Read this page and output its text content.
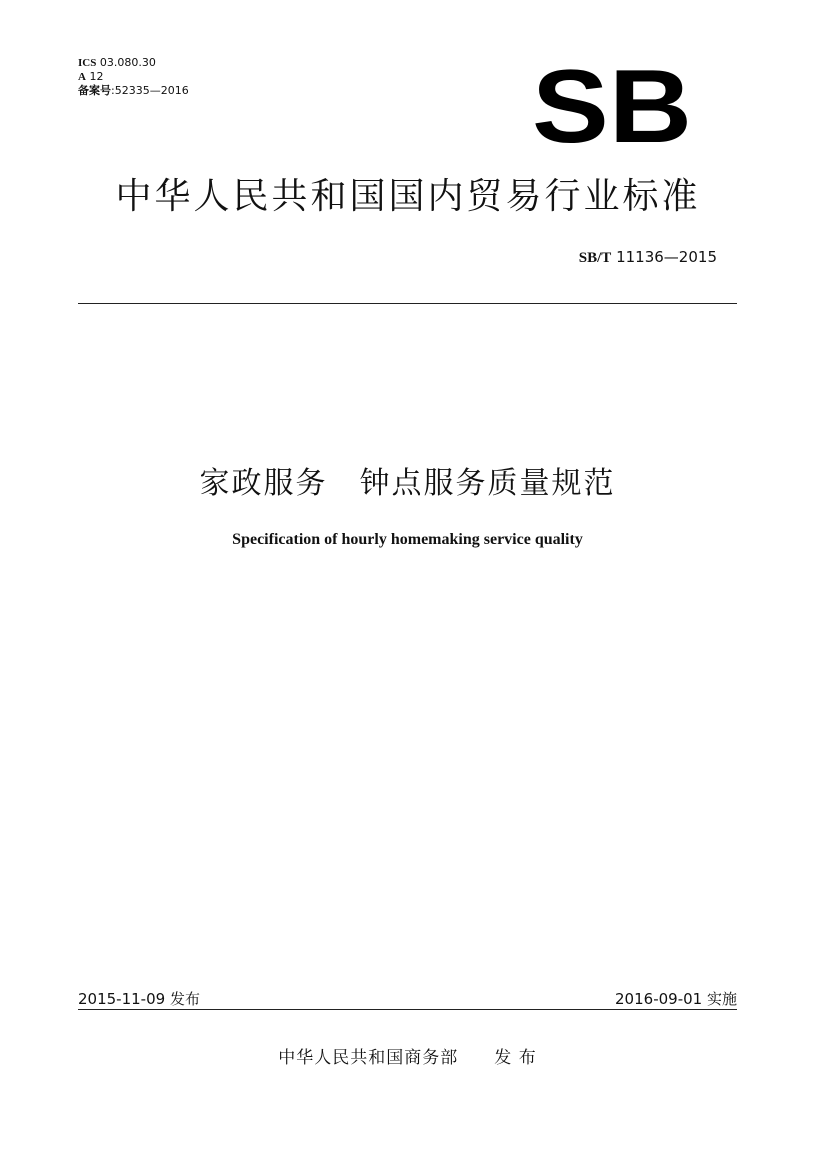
ICS 03.080.30
A 12
备案号:52335—2016	SB
中华人民共和国国内贸易行业标准
SB/T 11136—2015
家政服务　钟点服务质量规范
Specification of hourly homemaking service quality
2015-11-09 发布	2016-09-01 实施
中华人民共和国商务部 发 布
